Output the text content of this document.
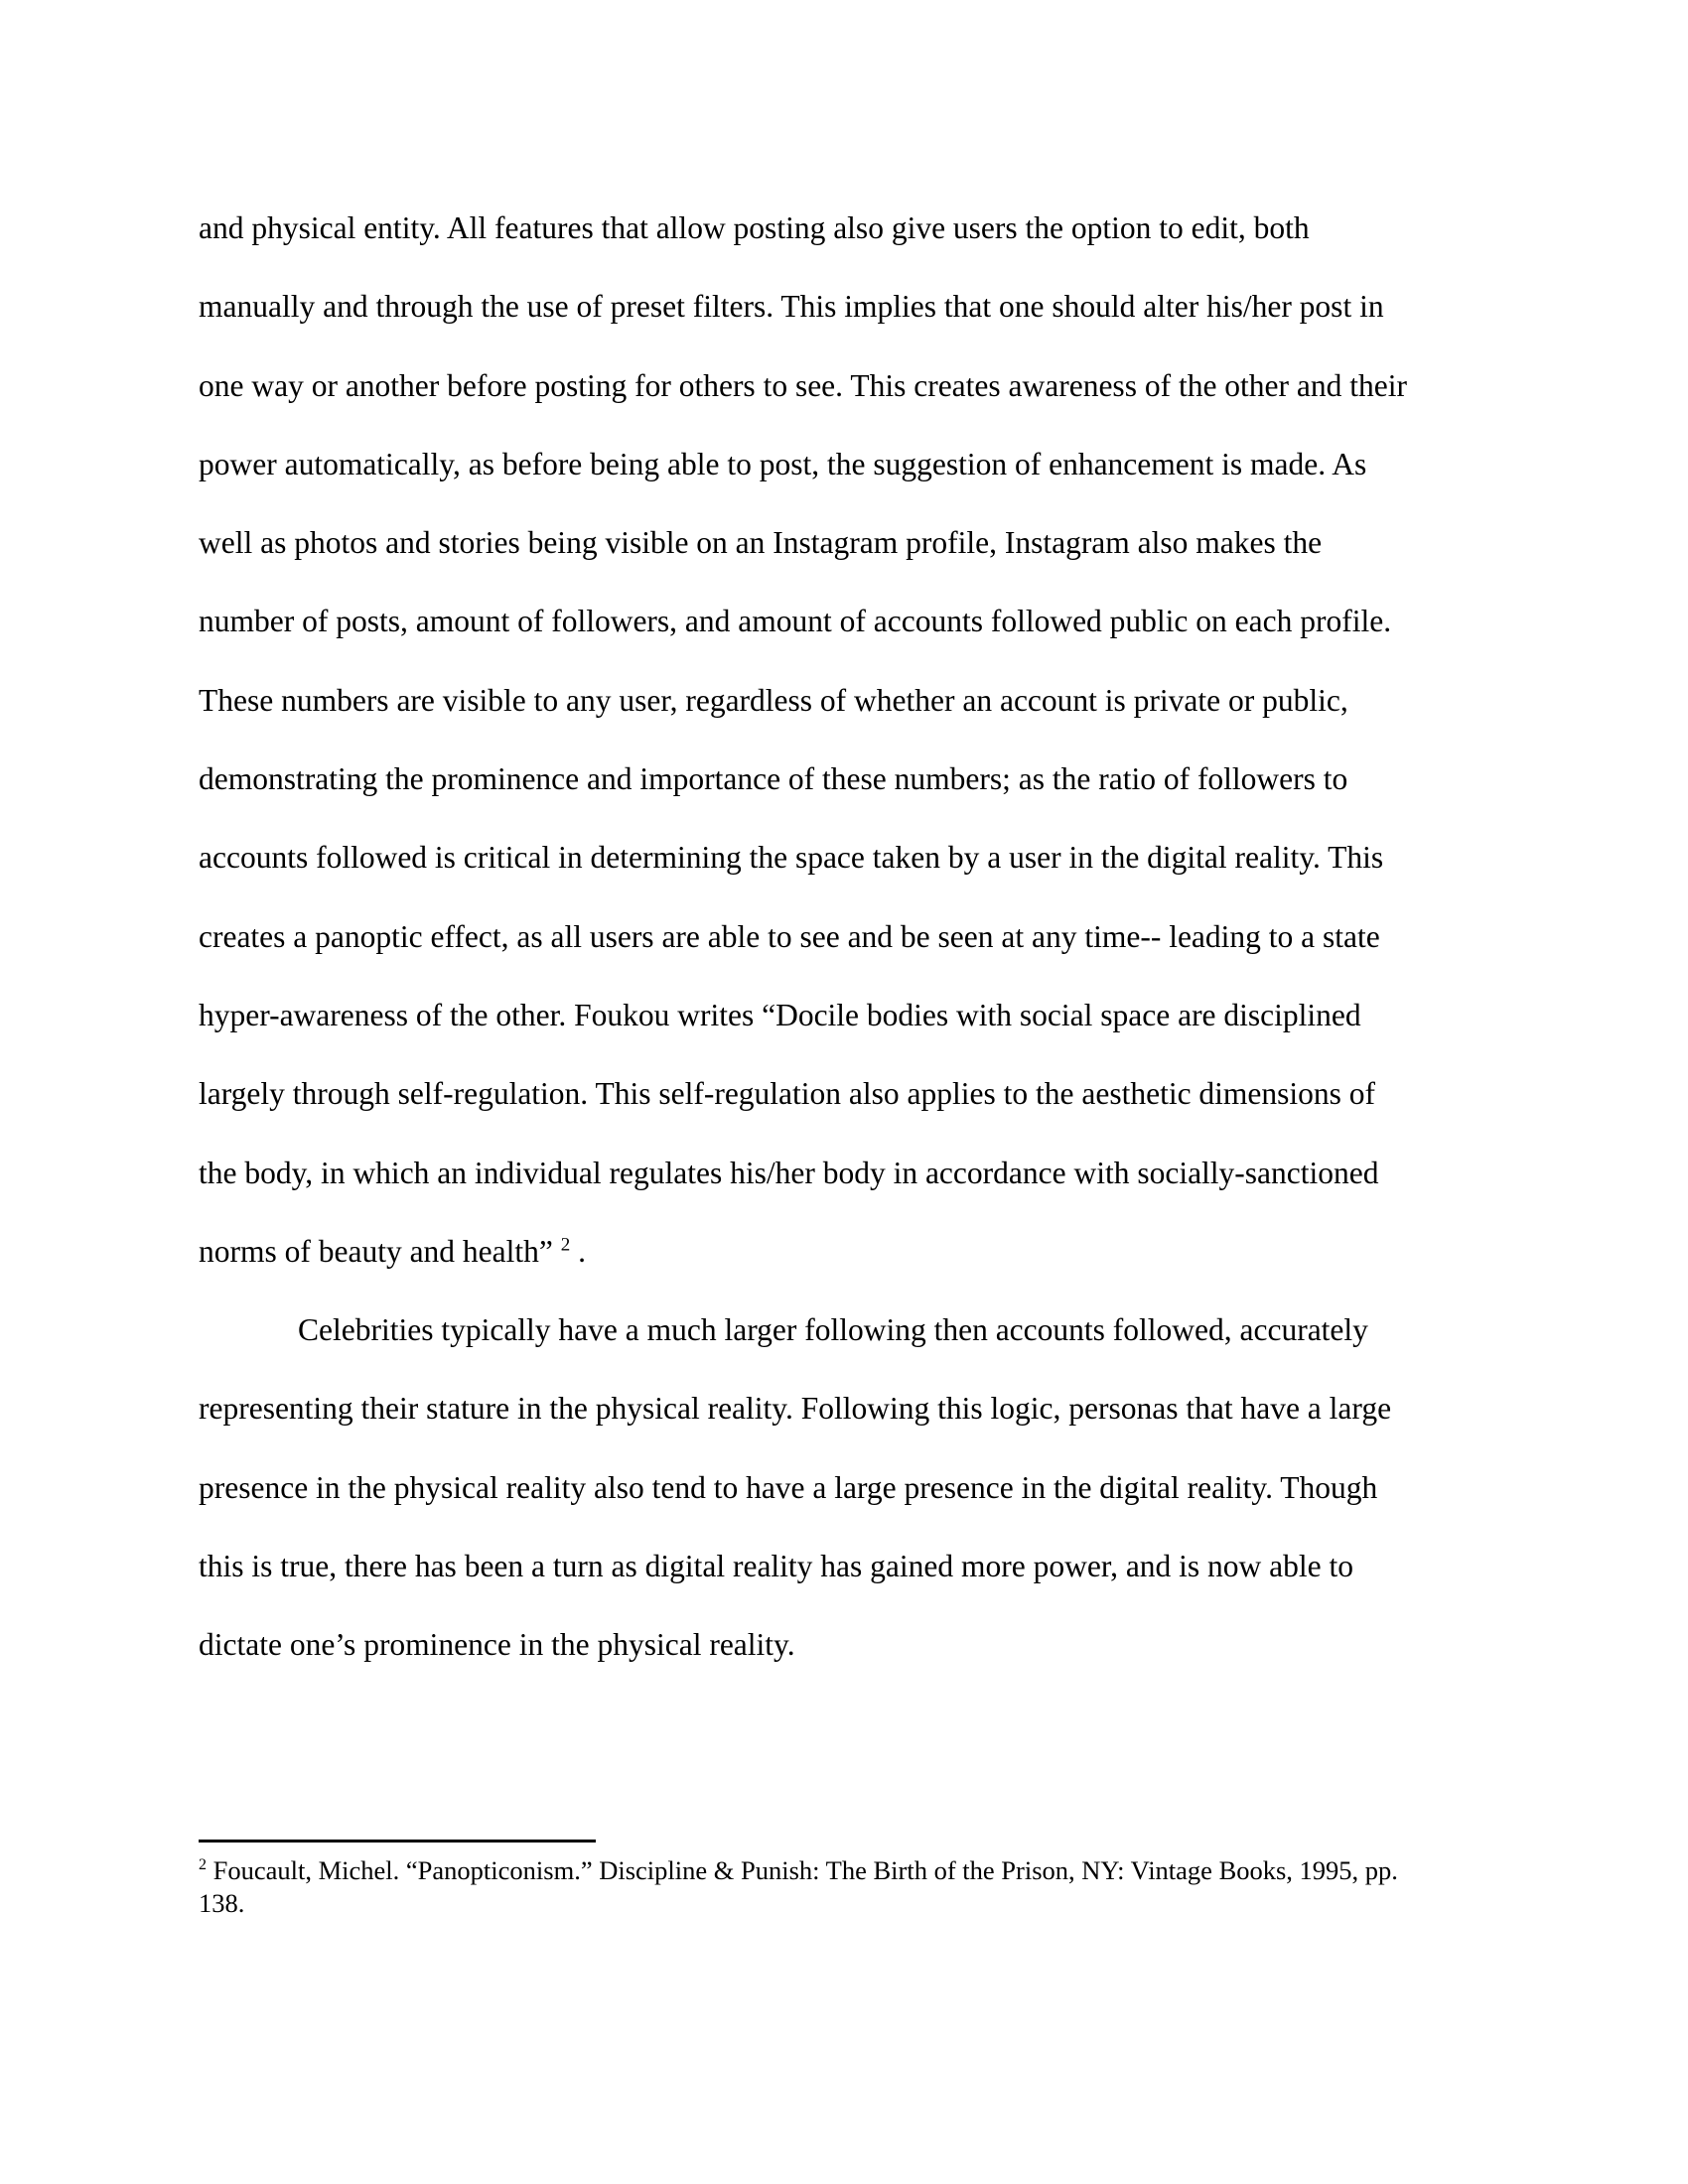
and physical entity. All features that allow posting also give users the option to edit, both
manually and through the use of preset filters. This implies that one should alter his/her post in
one way or another before posting for others to see. This creates awareness of the other and their
power automatically, as before being able to post, the suggestion of enhancement is made. As
well as photos and stories being visible on an Instagram profile, Instagram also makes the
number of posts, amount of followers, and amount of accounts followed public on each profile.
These numbers are visible to any user, regardless of whether an account is private or public,
demonstrating the prominence and importance of these numbers; as the ratio of followers to
accounts followed is critical in determining the space taken by a user in the digital reality. This
creates a panoptic effect, as all users are able to see and be seen at any time-- leading to a state
hyper-awareness of the other. Foukou writes “Docile bodies with social space are disciplined
largely through self-regulation. This self-regulation also applies to the aesthetic dimensions of
the body, in which an individual regulates his/her body in accordance with socially-sanctioned
norms of beauty and health” $^2$ .
Celebrities typically have a much larger following then accounts followed, accurately
representing their stature in the physical reality. Following this logic, personas that have a large
presence in the physical reality also tend to have a large presence in the digital reality. Though
this is true, there has been a turn as digital reality has gained more power, and is now able to
dictate one’s prominence in the physical reality.
$^2$ Foucault, Michel. “Panopticonism.” Discipline & Punish: The Birth of the Prison, NY: Vintage Books, 1995, pp.
138.
